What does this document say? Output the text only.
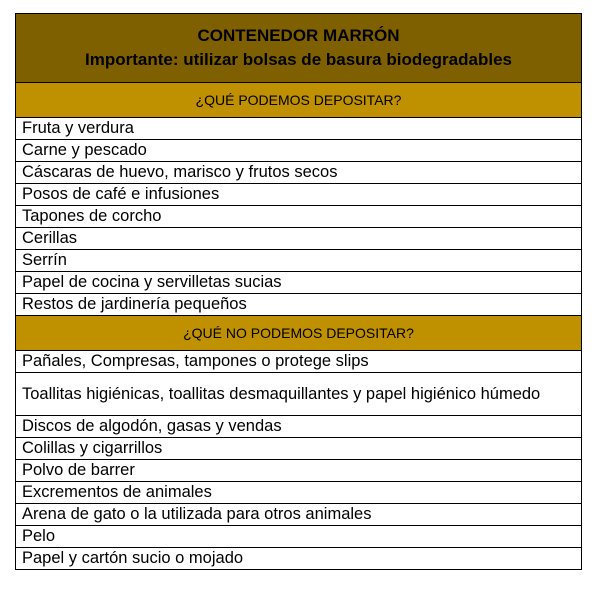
CONTENEDOR MARRÓN
Importante: utilizar bolsas de basura biodegradables

¿QUÉ PODEMOS DEPOSITAR?
Fruta y verdura
Carne y pescado
Cáscaras de huevo, marisco y frutos secos
Posos de café e infusiones
Tapones de corcho
Cerillas
Serrín
Papel de cocina y servilletas sucias
Restos de jardinería pequeños
¿QUÉ NO PODEMOS DEPOSITAR?
Pañales, Compresas, tampones o protege slips
Toallitas higiénicas, toallitas desmaquillantes y papel higiénico húmedo
Discos de algodón, gasas y vendas
Colillas y cigarrillos
Polvo de barrer
Excrementos de animales
Arena de gato o la utilizada para otros animales
Pelo
Papel y cartón sucio o mojado
